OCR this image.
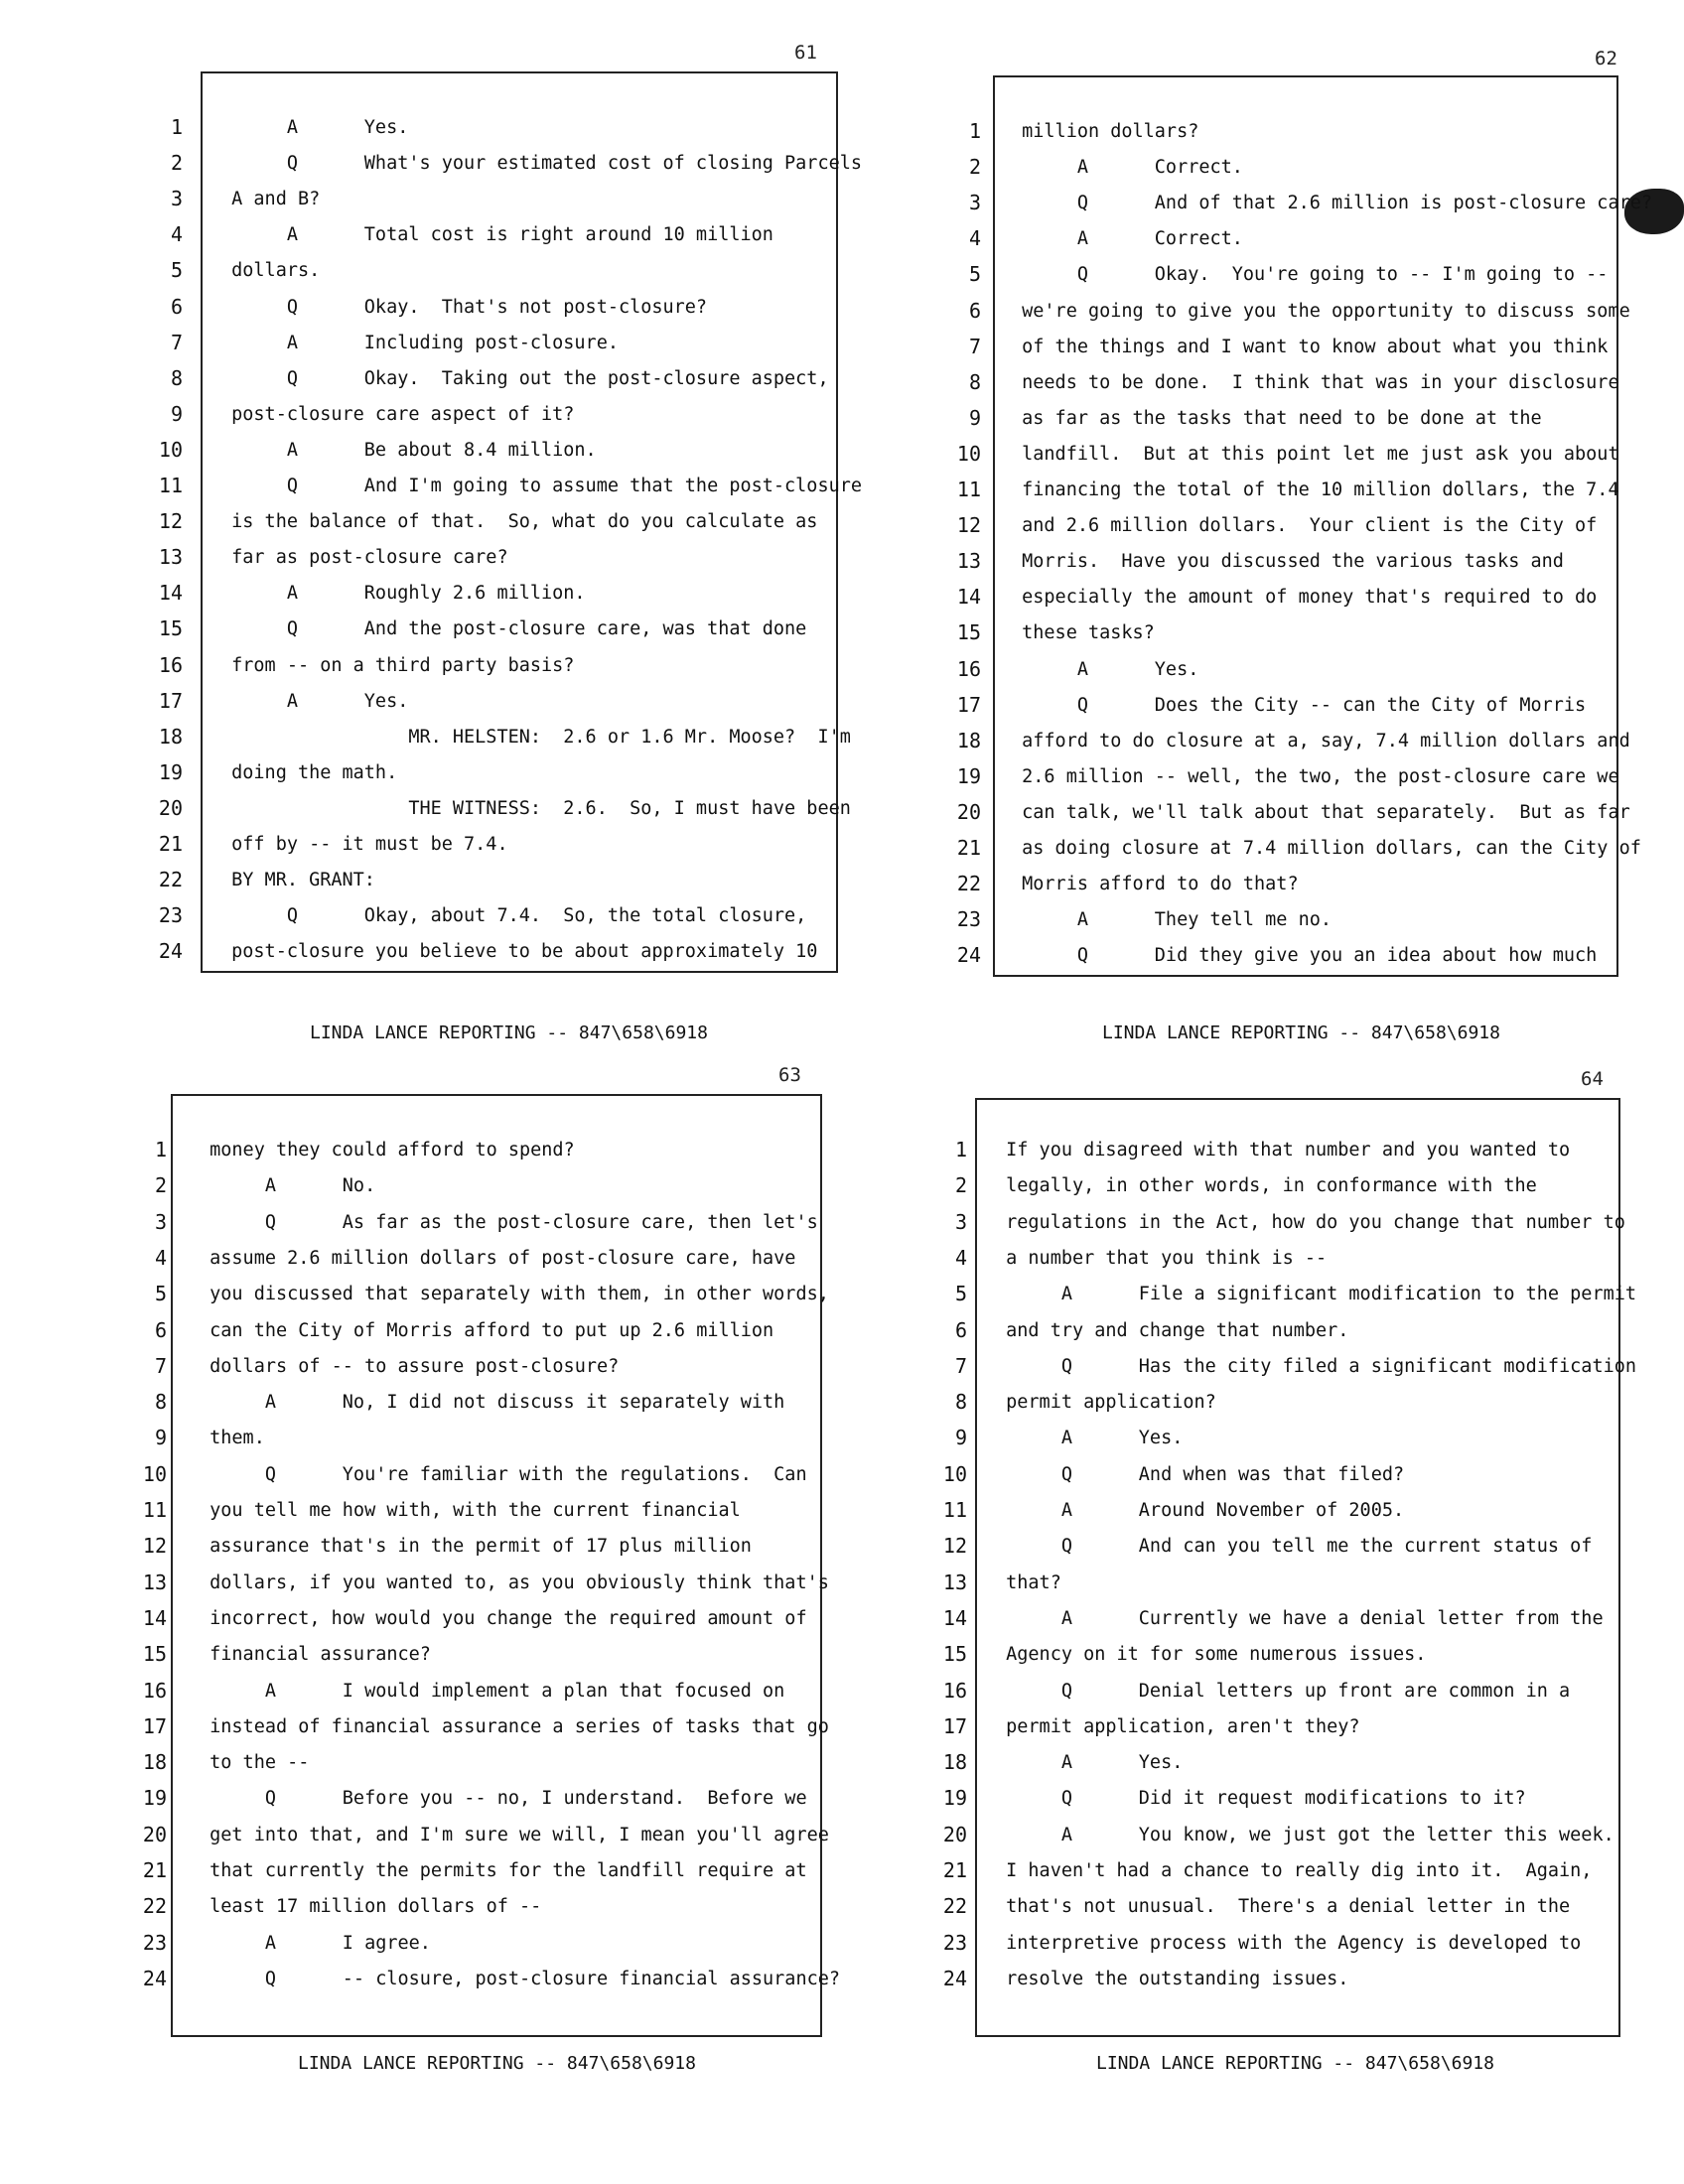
61
LINDA LANCE REPORTING -- 847\658\6918
62
LINDA LANCE REPORTING -- 847\658\6918
63
LINDA LANCE REPORTING -- 847\658\6918
64
LINDA LANCE REPORTING -- 847\658\6918
1 A      Yes.
2 Q      What's your estimated cost of closing Parcels
3 A and B?
4 A      Total cost is right around 10 million
5 dollars.
6 Q      Okay.  That's not post-closure?
7 A      Including post-closure.
8 Q      Okay.  Taking out the post-closure aspect,
9 post-closure care aspect of it?
10 A      Be about 8.4 million.
11 Q      And I'm going to assume that the post-closure
12 is the balance of that.  So, what do you calculate as
13 far as post-closure care?
14 A      Roughly 2.6 million.
15 Q      And the post-closure care, was that done
16 from -- on a third party basis?
17 A      Yes.
18 MR. HELSTEN:  2.6 or 1.6 Mr. Moose?  I'm
19 doing the math.
20 THE WITNESS:  2.6.  So, I must have been
21 off by -- it must be 7.4.
22 BY MR. GRANT:
23 Q      Okay, about 7.4.  So, the total closure,
24 post-closure you believe to be about approximately 10
1 million dollars?
2 A      Correct.
3 Q      And of that 2.6 million is post-closure care?
4 A      Correct.
5 Q      Okay.  You're going to -- I'm going to --
6 we're going to give you the opportunity to discuss some
7 of the things and I want to know about what you think
8 needs to be done.  I think that was in your disclosure
9 as far as the tasks that need to be done at the
10 landfill.  But at this point let me just ask you about
11 financing the total of the 10 million dollars, the 7.4
12 and 2.6 million dollars.  Your client is the City of
13 Morris.  Have you discussed the various tasks and
14 especially the amount of money that's required to do
15 these tasks?
16 A      Yes.
17 Q      Does the City -- can the City of Morris
18 afford to do closure at a, say, 7.4 million dollars and
19 2.6 million -- well, the two, the post-closure care we
20 can talk, we'll talk about that separately.  But as far
21 as doing closure at 7.4 million dollars, can the City of
22 Morris afford to do that?
23 A      They tell me no.
24 Q      Did they give you an idea about how much
1 money they could afford to spend?
2 A      No.
3 Q      As far as the post-closure care, then let's
4 assume 2.6 million dollars of post-closure care, have
5 you discussed that separately with them, in other words,
6 can the City of Morris afford to put up 2.6 million
7 dollars of -- to assure post-closure?
8 A      No, I did not discuss it separately with
9 them.
10 Q      You're familiar with the regulations.  Can
11 you tell me how with, with the current financial
12 assurance that's in the permit of 17 plus million
13 dollars, if you wanted to, as you obviously think that's
14 incorrect, how would you change the required amount of
15 financial assurance?
16 A      I would implement a plan that focused on
17 instead of financial assurance a series of tasks that go
18 to the --
19 Q      Before you -- no, I understand.  Before we
20 get into that, and I'm sure we will, I mean you'll agree
21 that currently the permits for the landfill require at
22 least 17 million dollars of --
23 A      I agree.
24 Q      -- closure, post-closure financial assurance?
1 If you disagreed with that number and you wanted to
2 legally, in other words, in conformance with the
3 regulations in the Act, how do you change that number to
4 a number that you think is --
5 A      File a significant modification to the permit
6 and try and change that number.
7 Q      Has the city filed a significant modification
8 permit application?
9 A      Yes.
10 Q      And when was that filed?
11 A      Around November of 2005.
12 Q      And can you tell me the current status of
13 that?
14 A      Currently we have a denial letter from the
15 Agency on it for some numerous issues.
16 Q      Denial letters up front are common in a
17 permit application, aren't they?
18 A      Yes.
19 Q      Did it request modifications to it?
20 A      You know, we just got the letter this week.
21 I haven't had a chance to really dig into it.  Again,
22 that's not unusual.  There's a denial letter in the
23 interpretive process with the Agency is developed to
24 resolve the outstanding issues.
